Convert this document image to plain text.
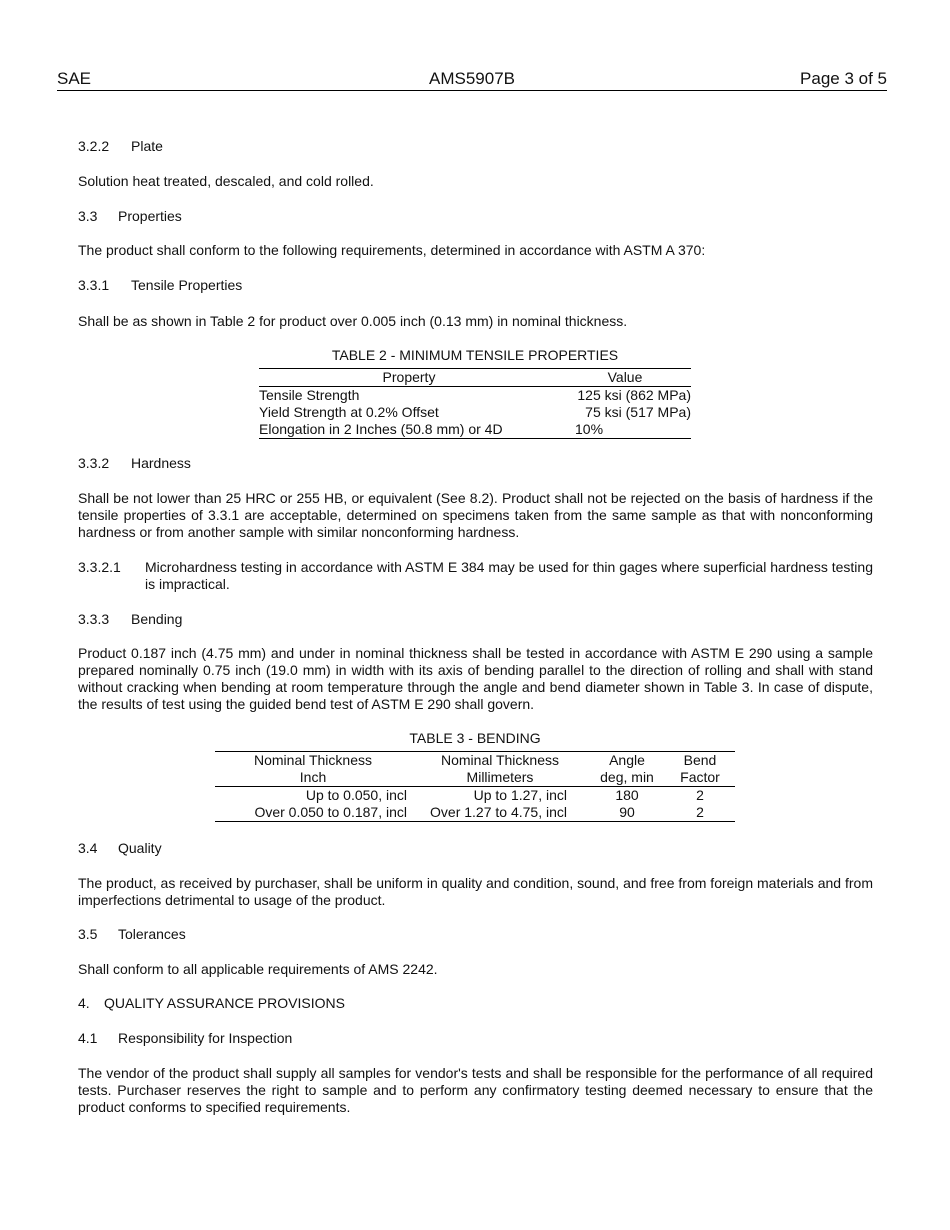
SAE	AMS5907B	Page 3 of 5
3.2.2 Plate
Solution heat treated, descaled, and cold rolled.
3.3 Properties
The product shall conform to the following requirements, determined in accordance with ASTM A 370:
3.3.1 Tensile Properties
Shall be as shown in Table 2 for product over 0.005 inch (0.13 mm) in nominal thickness.
TABLE 2 - MINIMUM TENSILE PROPERTIES
Property	Value
Tensile Strength	125 ksi (862 MPa)
Yield Strength at 0.2% Offset	75 ksi (517 MPa)
Elongation in 2 Inches (50.8 mm) or 4D	10%
3.3.2 Hardness
Shall be not lower than 25 HRC or 255 HB, or equivalent (See 8.2). Product shall not be rejected on the basis of hardness if the tensile properties of 3.3.1 are acceptable, determined on specimens taken from the same sample as that with nonconforming hardness or from another sample with similar nonconforming hardness.
3.3.2.1 Microhardness testing in accordance with ASTM E 384 may be used for thin gages where superficial hardness testing is impractical.
3.3.3 Bending
Product 0.187 inch (4.75 mm) and under in nominal thickness shall be tested in accordance with ASTM E 290 using a sample prepared nominally 0.75 inch (19.0 mm) in width with its axis of bending parallel to the direction of rolling and shall with stand without cracking when bending at room temperature through the angle and bend diameter shown in Table 3. In case of dispute, the results of test using the guided bend test of ASTM E 290 shall govern.
TABLE 3 - BENDING
Nominal Thickness	Nominal Thickness	Angle	Bend
Inch	Millimeters	deg, min	Factor
Up to 0.050, incl	Up to 1.27, incl	180	2
Over 0.050 to 0.187, incl	Over 1.27 to 4.75, incl	90	2
3.4 Quality
The product, as received by purchaser, shall be uniform in quality and condition, sound, and free from foreign materials and from imperfections detrimental to usage of the product.
3.5 Tolerances
Shall conform to all applicable requirements of AMS 2242.
4. QUALITY ASSURANCE PROVISIONS
4.1 Responsibility for Inspection
The vendor of the product shall supply all samples for vendor's tests and shall be responsible for the performance of all required tests. Purchaser reserves the right to sample and to perform any confirmatory testing deemed necessary to ensure that the product conforms to specified requirements.
